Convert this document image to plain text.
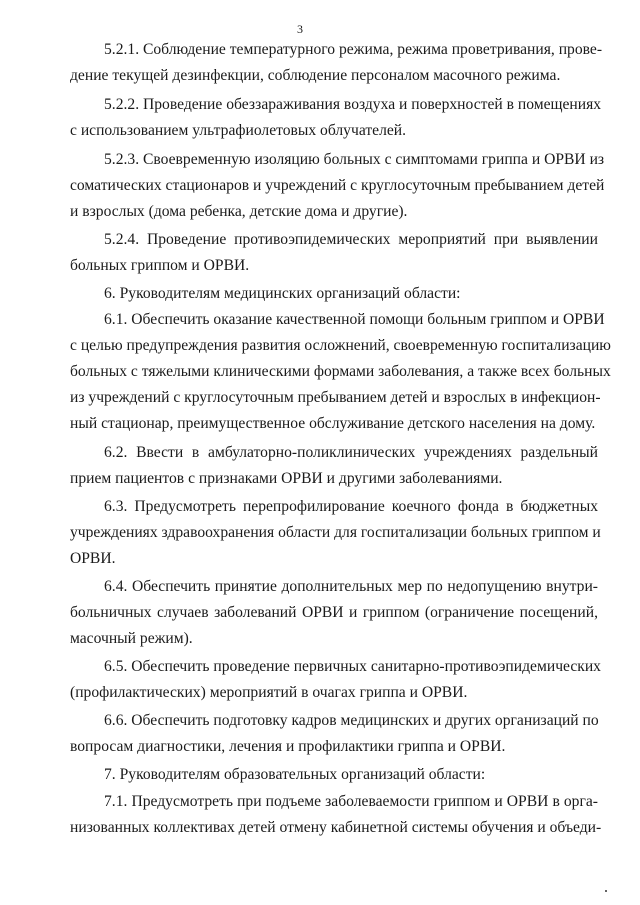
3
5.2.1. Соблюдение температурного режима, режима проветривания, прове-
дение текущей дезинфекции, соблюдение персоналом масочного режима.
5.2.2. Проведение обеззараживания воздуха и поверхностей в помещениях
с использованием ультрафиолетовых облучателей.
5.2.3. Своевременную изоляцию больных с симптомами гриппа и ОРВИ из
соматических стационаров и учреждений с круглосуточным пребыванием детей
и взрослых (дома ребенка, детские дома и другие).
5.2.4. Проведение противоэпидемических мероприятий при выявлении
больных гриппом и ОРВИ.
6. Руководителям медицинских организаций области:
6.1. Обеспечить оказание качественной помощи больным гриппом и ОРВИ
с целью предупреждения развития осложнений, своевременную госпитализацию
больных с тяжелыми клиническими формами заболевания, а также всех больных
из учреждений с круглосуточным пребыванием детей и взрослых в инфекцион-
ный стационар, преимущественное обслуживание детского населения на дому.
6.2. Ввести в амбулаторно-поликлинических учреждениях раздельный
прием пациентов с признаками ОРВИ и другими заболеваниями.
6.3. Предусмотреть перепрофилирование коечного фонда в бюджетных
учреждениях здравоохранения области для госпитализации больных гриппом и
ОРВИ.
6.4. Обеспечить принятие дополнительных мер по недопущению внутри-
больничных случаев заболеваний ОРВИ и гриппом (ограничение посещений,
масочный режим).
6.5. Обеспечить проведение первичных санитарно-противоэпидемических
(профилактических) мероприятий в очагах гриппа и ОРВИ.
6.6. Обеспечить подготовку кадров медицинских и других организаций по
вопросам диагностики, лечения и профилактики гриппа и ОРВИ.
7. Руководителям образовательных организаций области:
7.1. Предусмотреть при подъеме заболеваемости гриппом и ОРВИ в орга-
низованных коллективах детей отмену кабинетной системы обучения и объеди-
